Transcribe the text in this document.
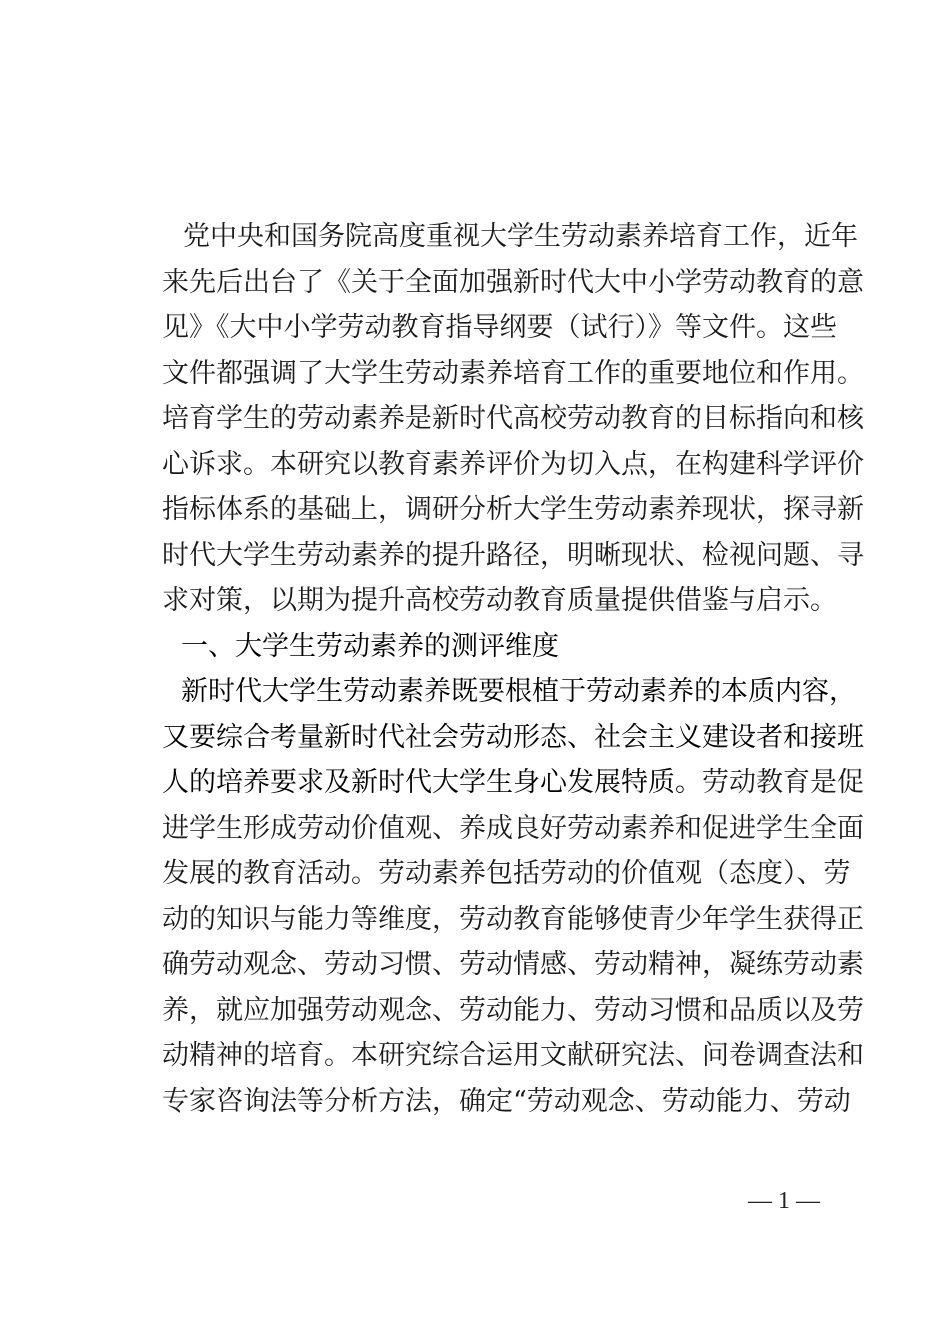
党中央和国务院高度重视大学生劳动素养培育工作，近年
来先后出台了《关于全面加强新时代大中小学劳动教育的意
见》《大中小学劳动教育指导纲要（试行）》等文件。这些
文件都强调了大学生劳动素养培育工作的重要地位和作用。
培育学生的劳动素养是新时代高校劳动教育的目标指向和核
心诉求。本研究以教育素养评价为切入点，在构建科学评价
指标体系的基础上，调研分析大学生劳动素养现状，探寻新
时代大学生劳动素养的提升路径，明晰现状、检视问题、寻
求对策，以期为提升高校劳动教育质量提供借鉴与启示。
一、大学生劳动素养的测评维度
新时代大学生劳动素养既要根植于劳动素养的本质内容，
又要综合考量新时代社会劳动形态、社会主义建设者和接班
人的培养要求及新时代大学生身心发展特质。劳动教育是促
进学生形成劳动价值观、养成良好劳动素养和促进学生全面
发展的教育活动。劳动素养包括劳动的价值观（态度）、劳
动的知识与能力等维度，劳动教育能够使青少年学生获得正
确劳动观念、劳动习惯、劳动情感、劳动精神，凝练劳动素
养，就应加强劳动观念、劳动能力、劳动习惯和品质以及劳
动精神的培育。本研究综合运用文献研究法、问卷调查法和
专家咨询法等分析方法，确定“劳动观念、劳动能力、劳动
— 1 —
